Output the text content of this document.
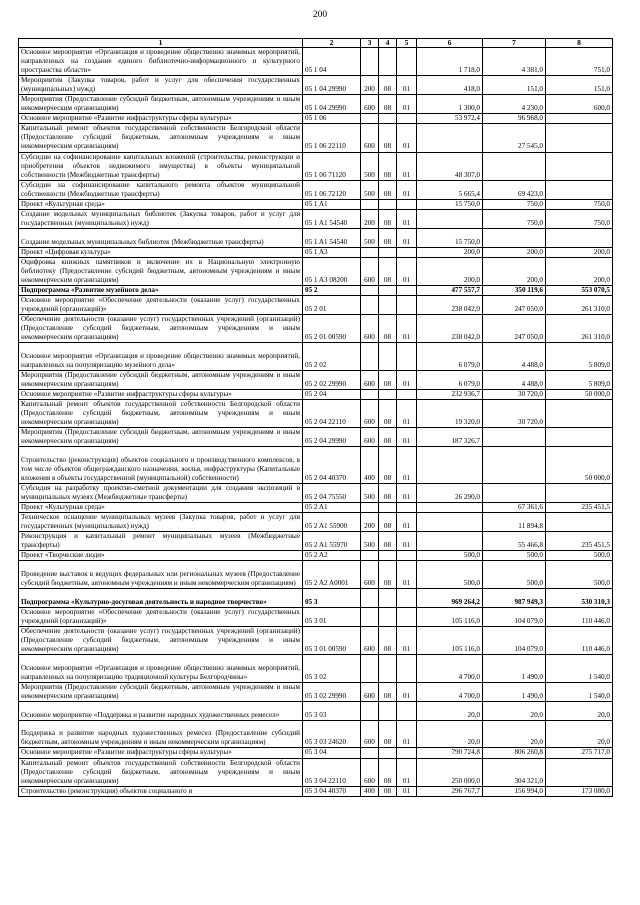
200
1	2	3	4	5	6	7	8
Основное мероприятие «Организация и проведение общественно значимых мероприятий, направленных на создание единого библиотечно-информационного и культурного пространства области»	05 1 04				1 718,0	4 381,0	751,0
Мероприятия (Закупка товаров, работ и услуг для обеспечения государственных (муниципальных) нужд)	05 1 04 29990	200	08	01	418,0	151,0	151,0
Мероприятия (Предоставление субсидий бюджетным, автономным учреждениям и иным некоммерческим организациям)	05 1 04 29990	600	08	01	1 300,0	4 230,0	600,0
Основное мероприятие «Развитие инфраструктуры сферы культуры»	05 1 06				53 972,4	96 968,0	
Капитальный ремонт объектов государственной собственности Белгородской области (Предоставление субсидий бюджетным, автономным учреждениям и иным некоммерческим организациям)	05 1 06 22110	600	08	01		27 545,0	
Субсидии на софинансирование капитальных вложений (строительства, реконструкции и приобретения объектов недвижимого имущества) в объекты муниципальной собственности (Межбюджетные трансферты)	05 1 06 71120	500	08	01	48 307,0		
Субсидии на софинансирование капитального ремонта объектов муниципальной собственности (Межбюджетные трансферты)	05 1 06 72120	500	08	01	5 665,4	69 423,0	
Проект «Культурная среда»	05 1 A1				15 750,0	750,0	750,0
Создание модельных муниципальных библиотек (Закупка товаров, работ и услуг для государственных (муниципальных) нужд)	05 1 A1 54540	200	08	01		750,0	750,0
Создание модельных муниципальных библиотек (Межбюджетные трансферты)	05 1 A1 54540	500	08	01	15 750,0		
Проект «Цифровая культура»	05 1 A3				200,0	200,0	200,0
Оцифровка книжных памятников и включение их в Национальную электронную библиотеку (Предоставление субсидий бюджетным, автономным учреждениям и иным некоммерческим организациям)	05 1 A3 08200	600	08	01	200,0	200,0	200,0
Подпрограмма «Развитие музейного дела»	05 2				477 557,7	350 119,6	553 070,5
Основное мероприятие «Обеспечение деятельности (оказание услуг) государственных учреждений (организаций)»	05 2 01				238 042,0	247 050,0	261 310,0
Обеспечение деятельности (оказание услуг) государственных учреждений (организаций) (Предоставление субсидий бюджетным, автономным учреждениям и иным некоммерческим организациям)	05 2 01 00590	600	08	01	238 042,0	247 050,0	261 310,0
Основное мероприятие «Организация и проведение общественно значимых мероприятий, направленных на популяризацию музейного дела»	05 2 02				6 079,0	4 488,0	5 809,0
Мероприятия (Предоставление субсидий бюджетным, автономным учреждениям и иным некоммерческим организациям)	05 2 02 29990	600	08	01	6 079,0	4 488,0	5 809,0
Основное мероприятие «Развитие инфраструктуры сферы культуры»	05 2 04				232 936,7	30 720,0	50 000,0
Капитальный ремонт объектов государственной собственности Белгородской области (Предоставление субсидий бюджетным, автономным учреждениям и иным некоммерческим организациям)	05 2 04 22110	600	08	01	19 320,0	30 720,0	
Мероприятия (Предоставление субсидий бюджетным, автономным учреждениям и иным некоммерческим организациям)	05 2 04 29990	600	08	01	187 326,7		
Строительство (реконструкция) объектов социального и производственного комплексов, в том числе объектов общегражданского назначения, жилья, инфраструктуры (Капитальные вложения в объекты государственной (муниципальной) собственности)	05 2 04 40370	400	08	01			50 000,0
Субсидия на разработку проектно-сметной документации для создания экспозиций в муниципальных музеях (Межбюджетные трансферты)	05 2 04 75550	500	08	01	26 290,0		
Проект «Культурная среда»	05 2 A1					67 361,6	235 451,5
Техническое оснащение муниципальных музеев (Закупка товаров, работ и услуг для государственных (муниципальных) нужд)	05 2 A1 55900	200	08	01		11 894,8	
Реконструкция и капитальный ремонт муниципальных музеев (Межбюджетные трансферты)	05 2 A1 55970	500	08	01		55 466,8	235 451,5
Проект «Творческие люди»	05 2 A2				500,0	500,0	500,0
Проведение выставок в ведущих федеральных или региональных музеев (Предоставление субсидий бюджетным, автономным учреждениям и иным некоммерческим организациям)	05 2 A2 A0001	600	08	01	500,0	500,0	500,0
Подпрограмма «Культурно-досуговая деятельность и народное творчество»	05 3				969 264,2	987 949,3	530 310,3
Основное мероприятие «Обеспечение деятельности (оказание услуг) государственных учреждений (организаций)»	05 3 01				105 116,0	104 079,0	110 446,0
Обеспечение деятельности (оказание услуг) государственных учреждений (организаций) (Предоставление субсидий бюджетным, автономным учреждениям и иным некоммерческим организациям)	05 3 01 00590	600	08	01	105 116,0	104 079,0	110 446,0
Основное мероприятие «Организация и проведение общественно значимых мероприятий, направленных на популяризацию традиционной культуры Белгородчины»	05 3 02				4 700,0	1 490,0	1 540,0
Мероприятия (Предоставление субсидий бюджетным, автономным учреждениям и иным некоммерческим организациям)	05 3 02 29990	600	08	01	4 700,0	1 490,0	1 540,0
Основное мероприятие «Поддержка и развитие народных художественных ремесел»	05 3 03				20,0	20,0	20,0
Поддержка и развитие народных художественных ремесел (Предоставление субсидий бюджетным, автономным учреждениям и иным некоммерческим организациям)	05 3 03 24620	600	08	01	20,0	20,0	20,0
Основное мероприятие «Развитие инфраструктуры сферы культуры»	05 3 04				790 724,8	806 260,8	275 717,0
Капитальный ремонт объектов государственной собственности Белгородской области (Предоставление субсидий бюджетным, автономным учреждениям и иным некоммерческим организациям)	05 3 04 22110	600	08	01	250 000,0	304 321,0	
Строительство (реконструкция) объектов социального и	05 3 04 40370	400	08	01	296 767,7	156 994,0	173 080,0
